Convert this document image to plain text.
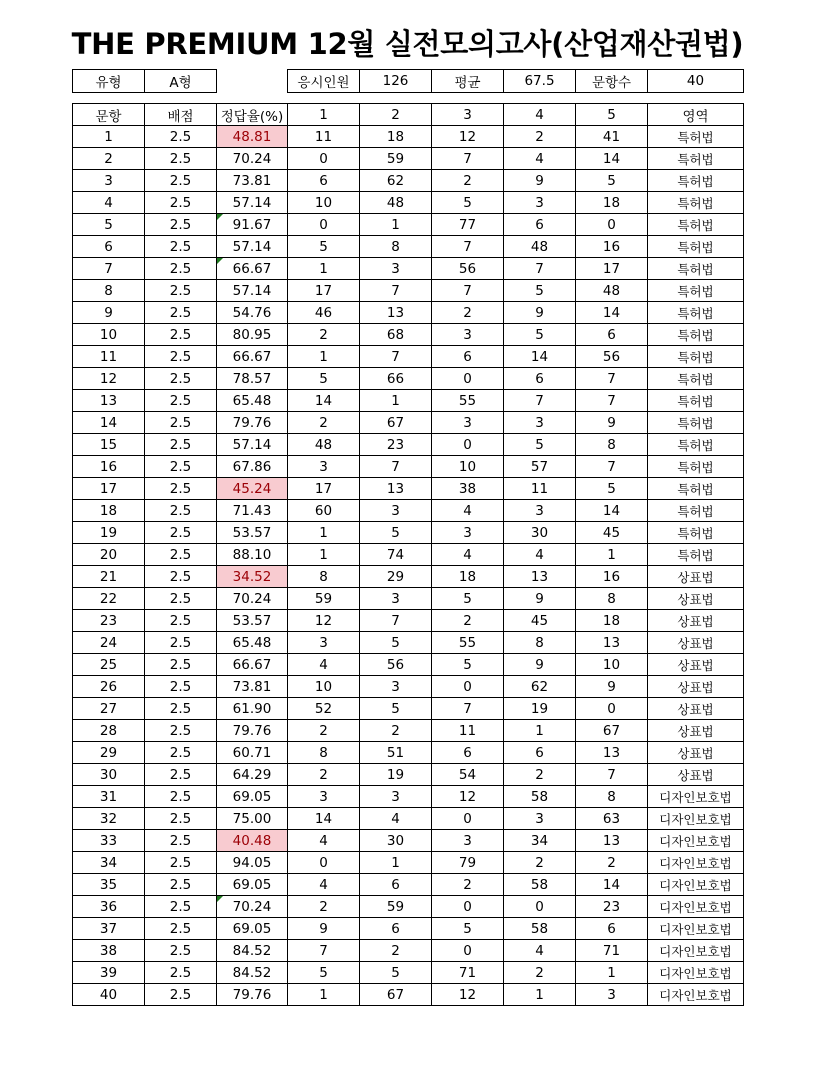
THE PREMIUM 12월 실전모의고사(산업재산권법)
유형	A형		응시인원	126	평균	67.5	문항수	40
문항	배점	정답율(%)	1	2	3	4	5	영역
1	2.5	48.81	11	18	12	2	41	특허법
2	2.5	70.24	0	59	7	4	14	특허법
3	2.5	73.81	6	62	2	9	5	특허법
4	2.5	57.14	10	48	5	3	18	특허법
5	2.5	91.67	0	1	77	6	0	특허법
6	2.5	57.14	5	8	7	48	16	특허법
7	2.5	66.67	1	3	56	7	17	특허법
8	2.5	57.14	17	7	7	5	48	특허법
9	2.5	54.76	46	13	2	9	14	특허법
10	2.5	80.95	2	68	3	5	6	특허법
11	2.5	66.67	1	7	6	14	56	특허법
12	2.5	78.57	5	66	0	6	7	특허법
13	2.5	65.48	14	1	55	7	7	특허법
14	2.5	79.76	2	67	3	3	9	특허법
15	2.5	57.14	48	23	0	5	8	특허법
16	2.5	67.86	3	7	10	57	7	특허법
17	2.5	45.24	17	13	38	11	5	특허법
18	2.5	71.43	60	3	4	3	14	특허법
19	2.5	53.57	1	5	3	30	45	특허법
20	2.5	88.10	1	74	4	4	1	특허법
21	2.5	34.52	8	29	18	13	16	상표법
22	2.5	70.24	59	3	5	9	8	상표법
23	2.5	53.57	12	7	2	45	18	상표법
24	2.5	65.48	3	5	55	8	13	상표법
25	2.5	66.67	4	56	5	9	10	상표법
26	2.5	73.81	10	3	0	62	9	상표법
27	2.5	61.90	52	5	7	19	0	상표법
28	2.5	79.76	2	2	11	1	67	상표법
29	2.5	60.71	8	51	6	6	13	상표법
30	2.5	64.29	2	19	54	2	7	상표법
31	2.5	69.05	3	3	12	58	8	디자인보호법
32	2.5	75.00	14	4	0	3	63	디자인보호법
33	2.5	40.48	4	30	3	34	13	디자인보호법
34	2.5	94.05	0	1	79	2	2	디자인보호법
35	2.5	69.05	4	6	2	58	14	디자인보호법
36	2.5	70.24	2	59	0	0	23	디자인보호법
37	2.5	69.05	9	6	5	58	6	디자인보호법
38	2.5	84.52	7	2	0	4	71	디자인보호법
39	2.5	84.52	5	5	71	2	1	디자인보호법
40	2.5	79.76	1	67	12	1	3	디자인보호법
